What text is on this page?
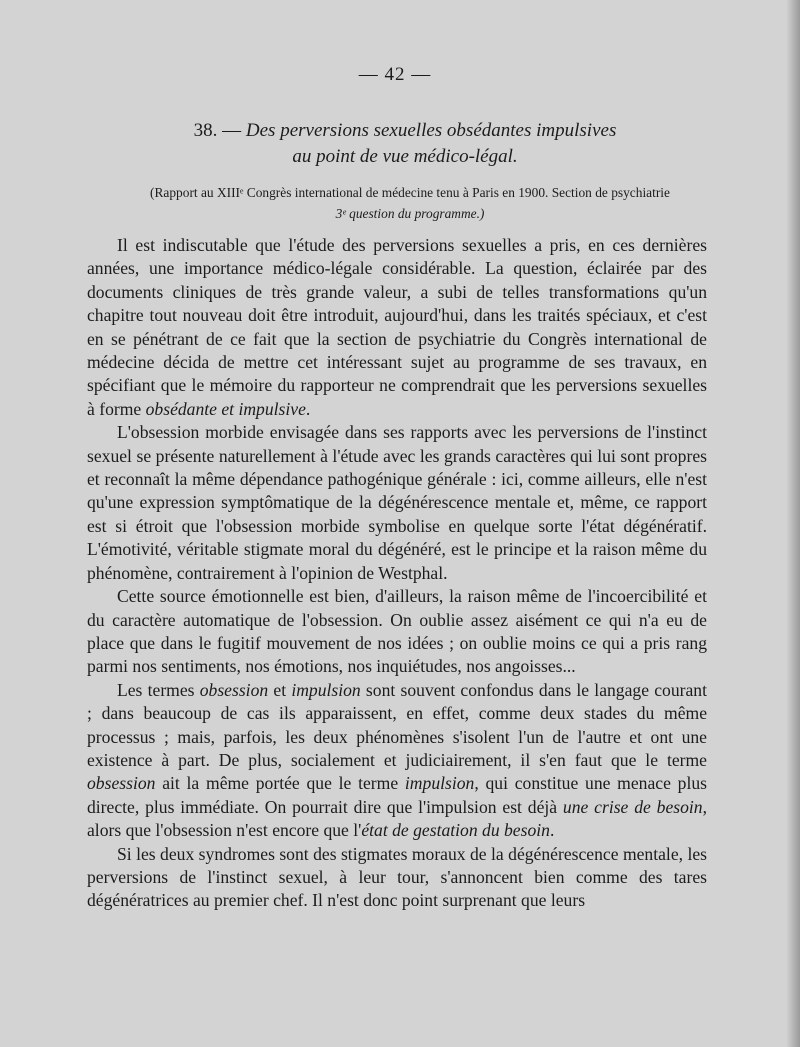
— 42 —
38. — Des perversions sexuelles obsédantes impulsives
au point de vue médico-légal.
(Rapport au XIIIᵉ Congrès international de médecine tenu à Paris en 1900. Section de psychiatrie
3ᵉ question du programme.)

Il est indiscutable que l'étude des perversions sexuelles a pris, en ces dernières années, une importance médico-légale considérable. La question, éclairée par des documents cliniques de très grande valeur, a subi de telles transformations qu'un chapitre tout nouveau doit être introduit, aujourd'hui, dans les traités spéciaux, et c'est en se pénétrant de ce fait que la section de psychiatrie du Congrès international de médecine décida de mettre cet intéressant sujet au programme de ses travaux, en spécifiant que le mémoire du rapporteur ne comprendrait que les perversions sexuelles à forme obsédante et impulsive.

L'obsession morbide envisagée dans ses rapports avec les perversions de l'instinct sexuel se présente naturellement à l'étude avec les grands caractères qui lui sont propres et reconnaît la même dépendance pathogénique générale : ici, comme ailleurs, elle n'est qu'une expression symptômatique de la dégénérescence mentale et, même, ce rapport est si étroit que l'obsession morbide symbolise en quelque sorte l'état dégénératif. L'émotivité, véritable stigmate moral du dégénéré, est le principe et la raison même du phénomène, contrairement à l'opinion de Westphal.

Cette source émotionnelle est bien, d'ailleurs, la raison même de l'incoercibilité et du caractère automatique de l'obsession. On oublie assez aisément ce qui n'a eu de place que dans le fugitif mouvement de nos idées ; on oublie moins ce qui a pris rang parmi nos sentiments, nos émotions, nos inquiétudes, nos angoisses...

Les termes obsession et impulsion sont souvent confondus dans le langage courant ; dans beaucoup de cas ils apparaissent, en effet, comme deux stades du même processus ; mais, parfois, les deux phénomènes s'isolent l'un de l'autre et ont une existence à part. De plus, socialement et judiciairement, il s'en faut que le terme obsession ait la même portée que le terme impulsion, qui constitue une menace plus directe, plus immédiate. On pourrait dire que l'impulsion est déjà une crise de besoin, alors que l'obsession n'est encore que l'état de gestation du besoin.

Si les deux syndromes sont des stigmates moraux de la dégénérescence mentale, les perversions de l'instinct sexuel, à leur tour, s'annoncent bien comme des tares dégénératrices au premier chef. Il n'est donc point surprenant que leurs
